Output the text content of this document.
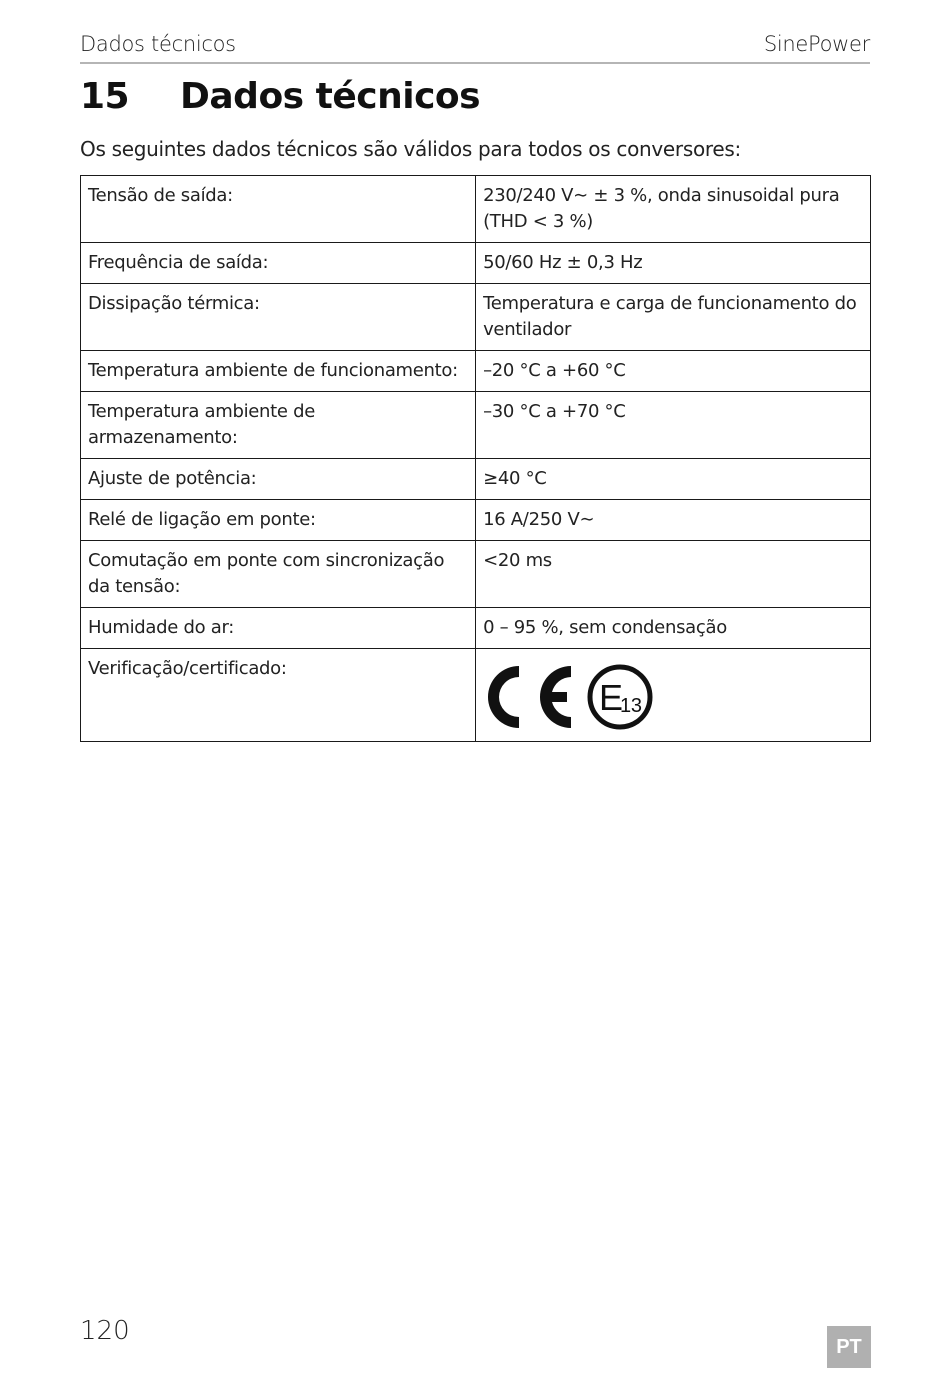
Dados técnicos	SinePower
15 Dados técnicos
Os seguintes dados técnicos são válidos para todos os conversores:
Tensão de saída:	230/240 V∼ ± 3 %, onda sinusoidal pura (THD < 3 %)
Frequência de saída:	50/60 Hz ± 0,3 Hz
Dissipação térmica:	Temperatura e carga de funcionamento do ventilador
Temperatura ambiente de funcionamento:	–20 °C a +60 °C
Temperatura ambiente de armazenamento:	–30 °C a +70 °C
Ajuste de potência:	≥40 °C
Relé de ligação em ponte:	16 A/250 V∼
Comutação em ponte com sincronização da tensão:	<20 ms
Humidade do ar:	0 – 95 %, sem condensação
Verificação/certificado:	E
13
120
PT
